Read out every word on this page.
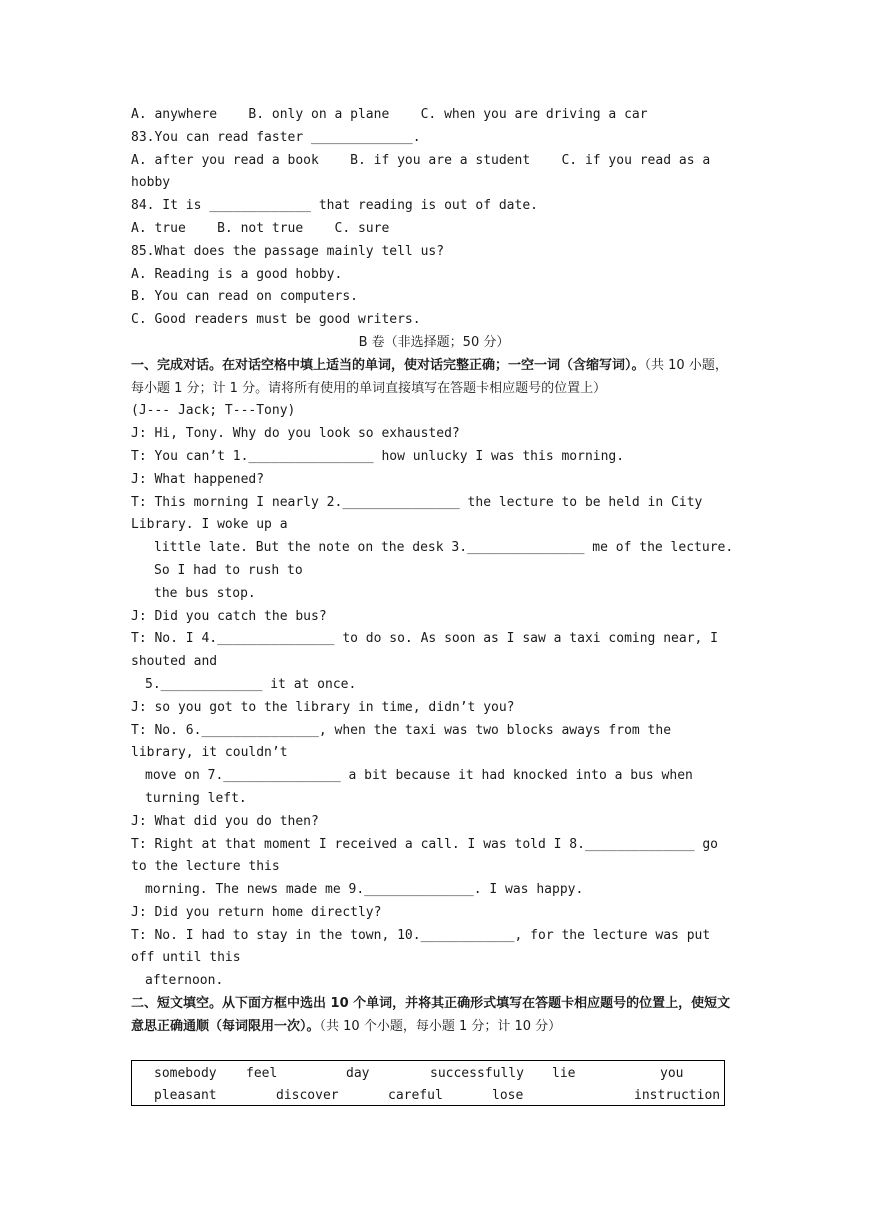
A. anywhere    B. only on a plane    C. when you are driving a car
83.You can read faster _____________.
A. after you read a book    B. if you are a student    C. if you read as a hobby
84. It is _____________ that reading is out of date.
A. true    B. not true    C. sure
85.What does the passage mainly tell us?
A. Reading is a good hobby.
B. You can read on computers.
C. Good readers must be good writers.
B 卷（非选择题；50 分）
一、完成对话。在对话空格中填上适当的单词，使对话完整正确；一空一词（含缩写词）。（共 10 小题，每小题 1 分；计 1 分。请将所有使用的单词直接填写在答题卡相应题号的位置上）
(J--- Jack; T---Tony)
J: Hi, Tony. Why do you look so exhausted?
T: You can’t 1.________________ how unlucky I was this morning.
J: What happened?
T: This morning I nearly 2._______________ the lecture to be held in City Library. I woke up a
little late. But the note on the desk 3._______________ me of the lecture. So I had to rush to
the bus stop.
J: Did you catch the bus?
T: No. I 4._______________ to do so. As soon as I saw a taxi coming near, I shouted and
5._____________ it at once.
J: so you got to the library in time, didn’t you?
T: No. 6._______________, when the taxi was two blocks aways from the library, it couldn’t
move on 7._______________ a bit because it had knocked into a bus when turning left.
J: What did you do then?
T: Right at that moment I received a call. I was told I 8.______________ go to the lecture this
morning. The news made me 9.______________. I was happy.
J: Did you return home directly?
T: No. I had to stay in the town, 10.____________, for the lecture was put off until this
afternoon.
二、短文填空。从下面方框中选出 10 个单词，并将其正确形式填写在答题卡相应题号的位置上，使短文意思正确通顺（每词限用一次）。（共 10 个小题，每小题 1 分；计 10 分）
somebody feel	day	successfully lie	you
pleasant	discover	careful	lose	instruction
